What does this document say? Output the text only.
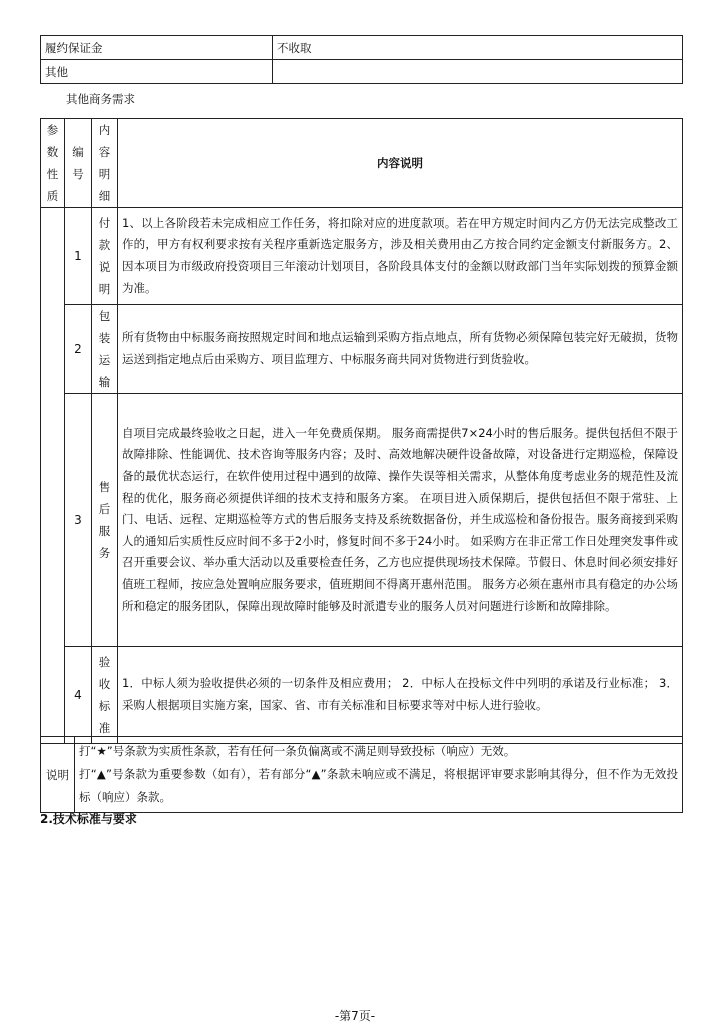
履约保证金	不收取
其他	
其他商务需求
参数性质	编号	内容明细	内容说明
	1	付款说明	1、以上各阶段若未完成相应工作任务，将扣除对应的进度款项。若在甲方规定时间内乙方仍无法完成整改工作的，甲方有权利要求按有关程序重新选定服务方，涉及相关费用由乙方按合同约定金额支付新服务方。2、因本项目为市级政府投资项目三年滚动计划项目，各阶段具体支付的金额以财政部门当年实际划拨的预算金额为准。
	2	包装运输	所有货物由中标服务商按照规定时间和地点运输到采购方指点地点，所有货物必须保障包装完好无破损，货物运送到指定地点后由采购方、项目监理方、中标服务商共同对货物进行到货验收。
	3	售后服务	自项目完成最终验收之日起，进入一年免费质保期。 服务商需提供7×24小时的售后服务。提供包括但不限于故障排除、性能调优、技术咨询等服务内容；及时、高效地解决硬件设备故障，对设备进行定期巡检，保障设备的最优状态运行，在软件使用过程中遇到的故障、操作失误等相关需求，从整体角度考虑业务的规范性及流程的优化，服务商必须提供详细的技术支持和服务方案。 在项目进入质保期后，提供包括但不限于常驻、上门、电话、远程、定期巡检等方式的售后服务支持及系统数据备份，并生成巡检和备份报告。服务商接到采购人的通知后实质性反应时间不多于2小时，修复时间不多于24小时。 如采购方在非正常工作日处理突发事件或召开重要会议、举办重大活动以及重要检查任务，乙方也应提供现场技术保障。节假日、休息时间必须安排好值班工程师，按应急处置响应服务要求，值班期间不得离开惠州范围。 服务方必须在惠州市具有稳定的办公场所和稳定的服务团队，保障出现故障时能够及时派遣专业的服务人员对问题进行诊断和故障排除。
	4	验收标准	1．中标人须为验收提供必须的一切条件及相应费用； 2．中标人在投标文件中列明的承诺及行业标准； 3．采购人根据项目实施方案，国家、省、市有关标准和目标要求等对中标人进行验收。
说明	
打“★”号条款为实质性条款，若有任何一条负偏离或不满足则导致投标（响应）无效。
打“▲”号条款为重要参数（如有），若有部分“▲”条款未响应或不满足，将根据评审要求影响其得分，但不作为无效投标（响应）条款。
2.技术标准与要求
-第7页-
